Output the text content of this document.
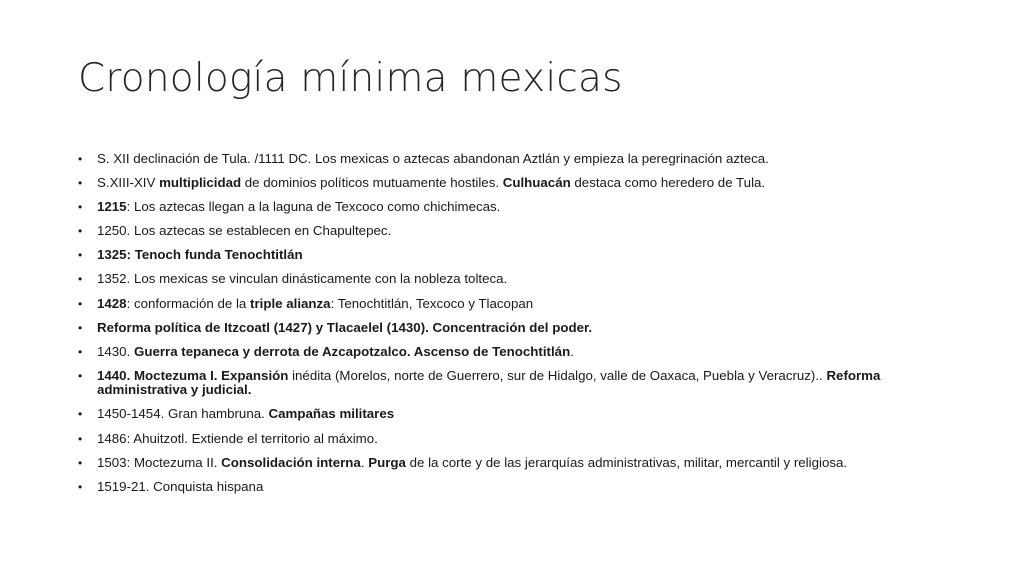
Cronología mínima mexicas
• S. XII declinación de Tula. /1111 DC. Los mexicas o aztecas abandonan Aztlán y empieza la peregrinación azteca.
• S.XIII-XIV multiplicidad de dominios políticos mutuamente hostiles. Culhuacán destaca como heredero de Tula.
• 1215: Los aztecas llegan a la laguna de Texcoco como chichimecas.
• 1250. Los aztecas se establecen en Chapultepec.
• 1325: Tenoch funda Tenochtitlán
• 1352. Los mexicas se vinculan dinásticamente con la nobleza tolteca.
• 1428: conformación de la triple alianza: Tenochtitlán, Texcoco y Tlacopan
• Reforma política de Itzcoatl (1427) y Tlacaelel (1430). Concentración del poder.
• 1430. Guerra tepaneca y derrota de Azcapotzalco. Ascenso de Tenochtitlán.
• 1440. Moctezuma I. Expansión inédita (Morelos, norte de Guerrero, sur de Hidalgo, valle de Oaxaca, Puebla y Veracruz).. Reforma administrativa y judicial.
• 1450-1454. Gran hambruna. Campañas militares
• 1486: Ahuitzotl. Extiende el territorio al máximo.
• 1503: Moctezuma II. Consolidación interna. Purga de la corte y de las jerarquías administrativas, militar, mercantil y religiosa.
• 1519-21. Conquista hispana
